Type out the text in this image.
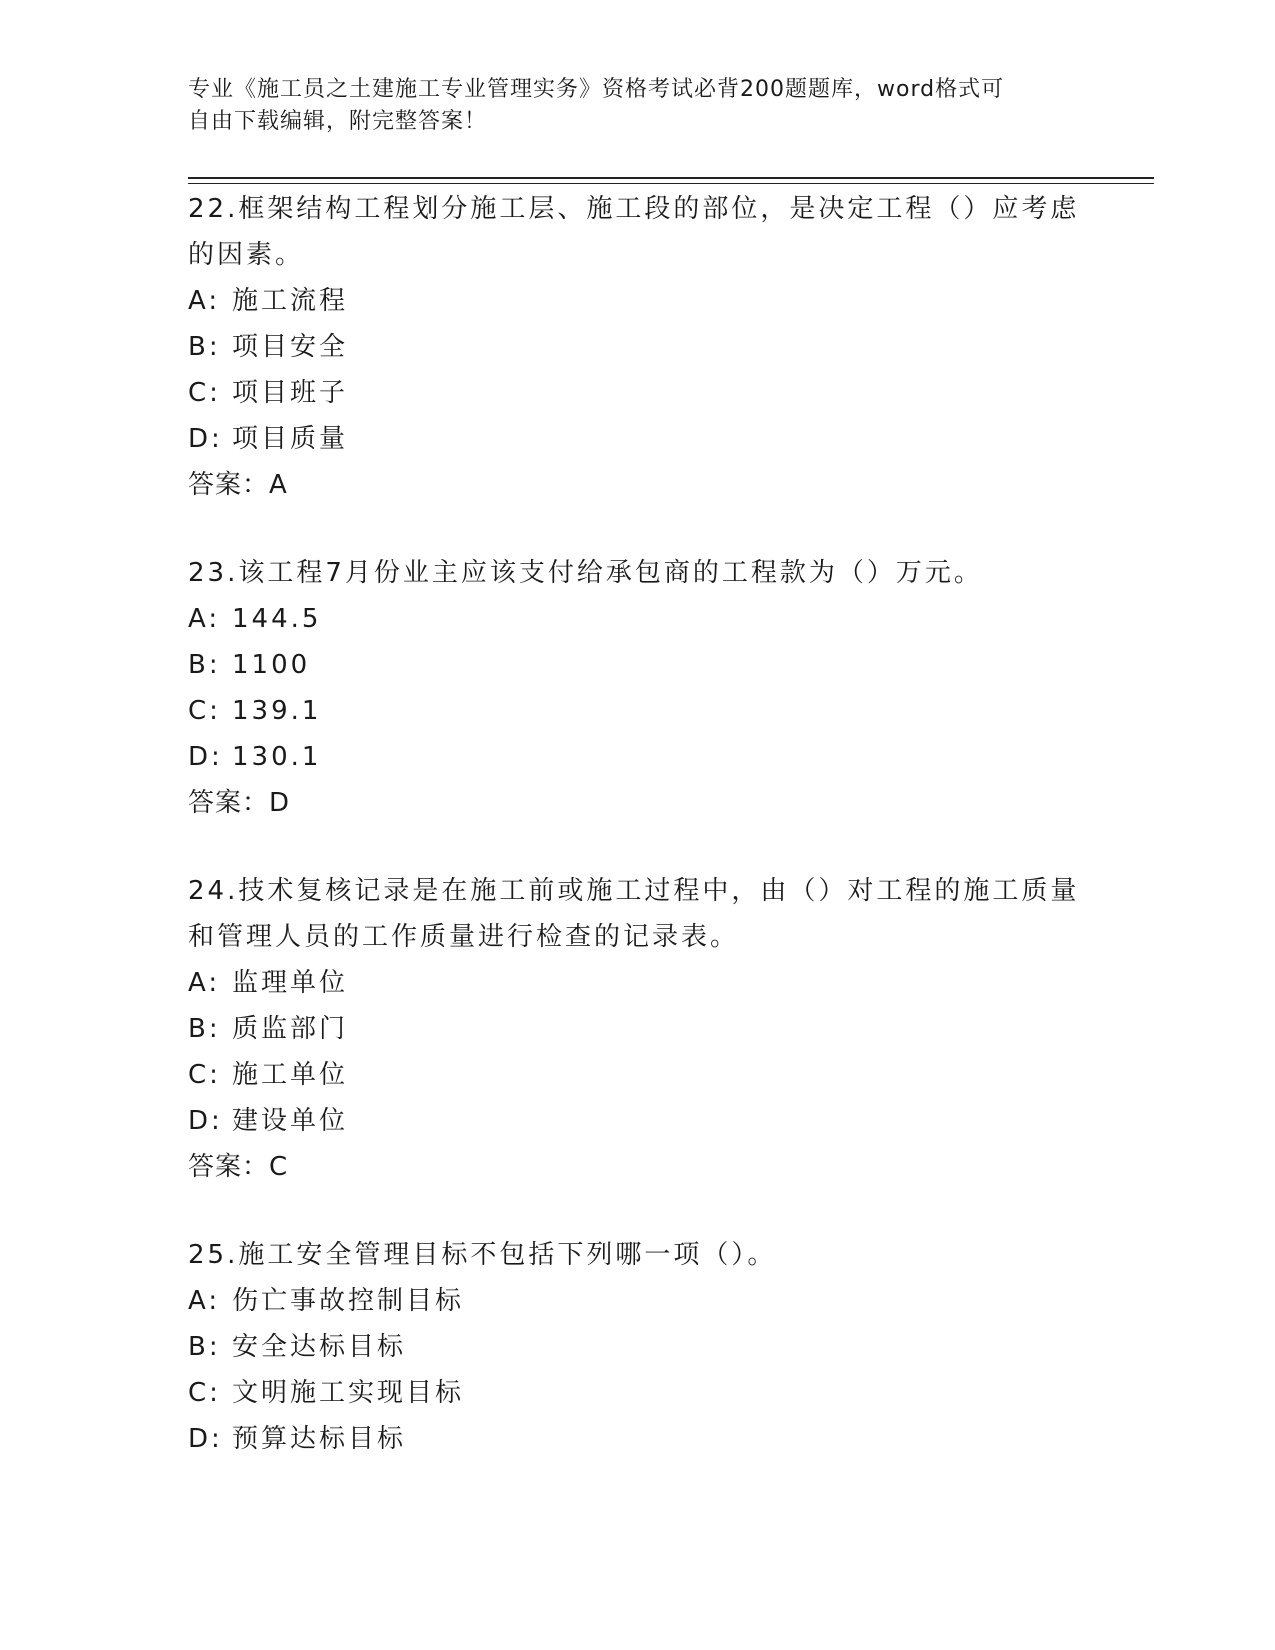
专业《施工员之土建施工专业管理实务》资格考试必背200题题库，word格式可
自由下载编辑，附完整答案！
22.框架结构工程划分施工层、施工段的部位，是决定工程（）应考虑的因素。
A: 施工流程
B: 项目安全
C: 项目班子
D: 项目质量
答案：A
23.该工程7月份业主应该支付给承包商的工程款为（）万元。
A: 144.5
B: 1100
C: 139.1
D: 130.1
答案：D
24.技术复核记录是在施工前或施工过程中，由（）对工程的施工质量和管理人员的工作质量进行检查的记录表。
A: 监理单位
B: 质监部门
C: 施工单位
D: 建设单位
答案：C
25.施工安全管理目标不包括下列哪一项（）。
A: 伤亡事故控制目标
B: 安全达标目标
C: 文明施工实现目标
D: 预算达标目标
